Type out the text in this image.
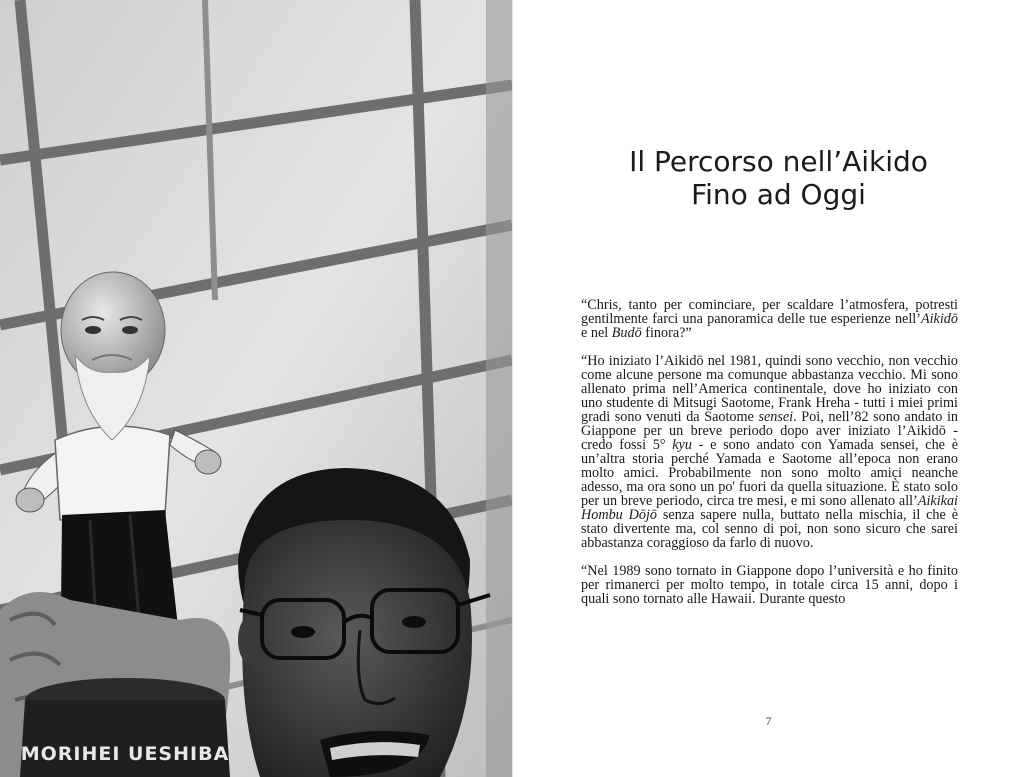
MORIHEI UESHIBA
Il Percorso nell’Aikido
Fino ad Oggi

“Chris, tanto per cominciare, per scaldare l’atmosfera, potresti gentilmente farci una panoramica delle tue esperienze nell’Aikidō e nel Budō finora?”

“Ho iniziato l’Aikidō nel 1981, quindi sono vecchio, non vecchio come alcune persone ma comunque abbastanza vecchio. Mi sono allenato prima nell’America continentale, dove ho iniziato con uno studente di Mitsugi Saotome, Frank Hreha - tutti i miei primi gradi sono venuti da Saotome sensei. Poi, nell’82 sono andato in Giappone per un breve periodo dopo aver iniziato l’Aikidō - credo fossi 5° kyu - e sono andato con Yamada sensei, che è un’altra storia perché Yamada e Saotome all’epoca non erano molto amici. Probabilmente non sono molto amici neanche adesso, ma ora sono un po' fuori da quella situazione. È stato solo per un breve periodo, circa tre mesi, e mi sono allenato all’Aikikai Hombu Dōjō senza sapere nulla, buttato nella mischia, il che è stato divertente ma, col senno di poi, non sono sicuro che sarei abbastanza coraggioso da farlo di nuovo.

“Nel 1989 sono tornato in Giappone dopo l’università e ho finito per rimanerci per molto tempo, in totale circa 15 anni, dopo i quali sono tornato alle Hawaii. Durante questo

7
